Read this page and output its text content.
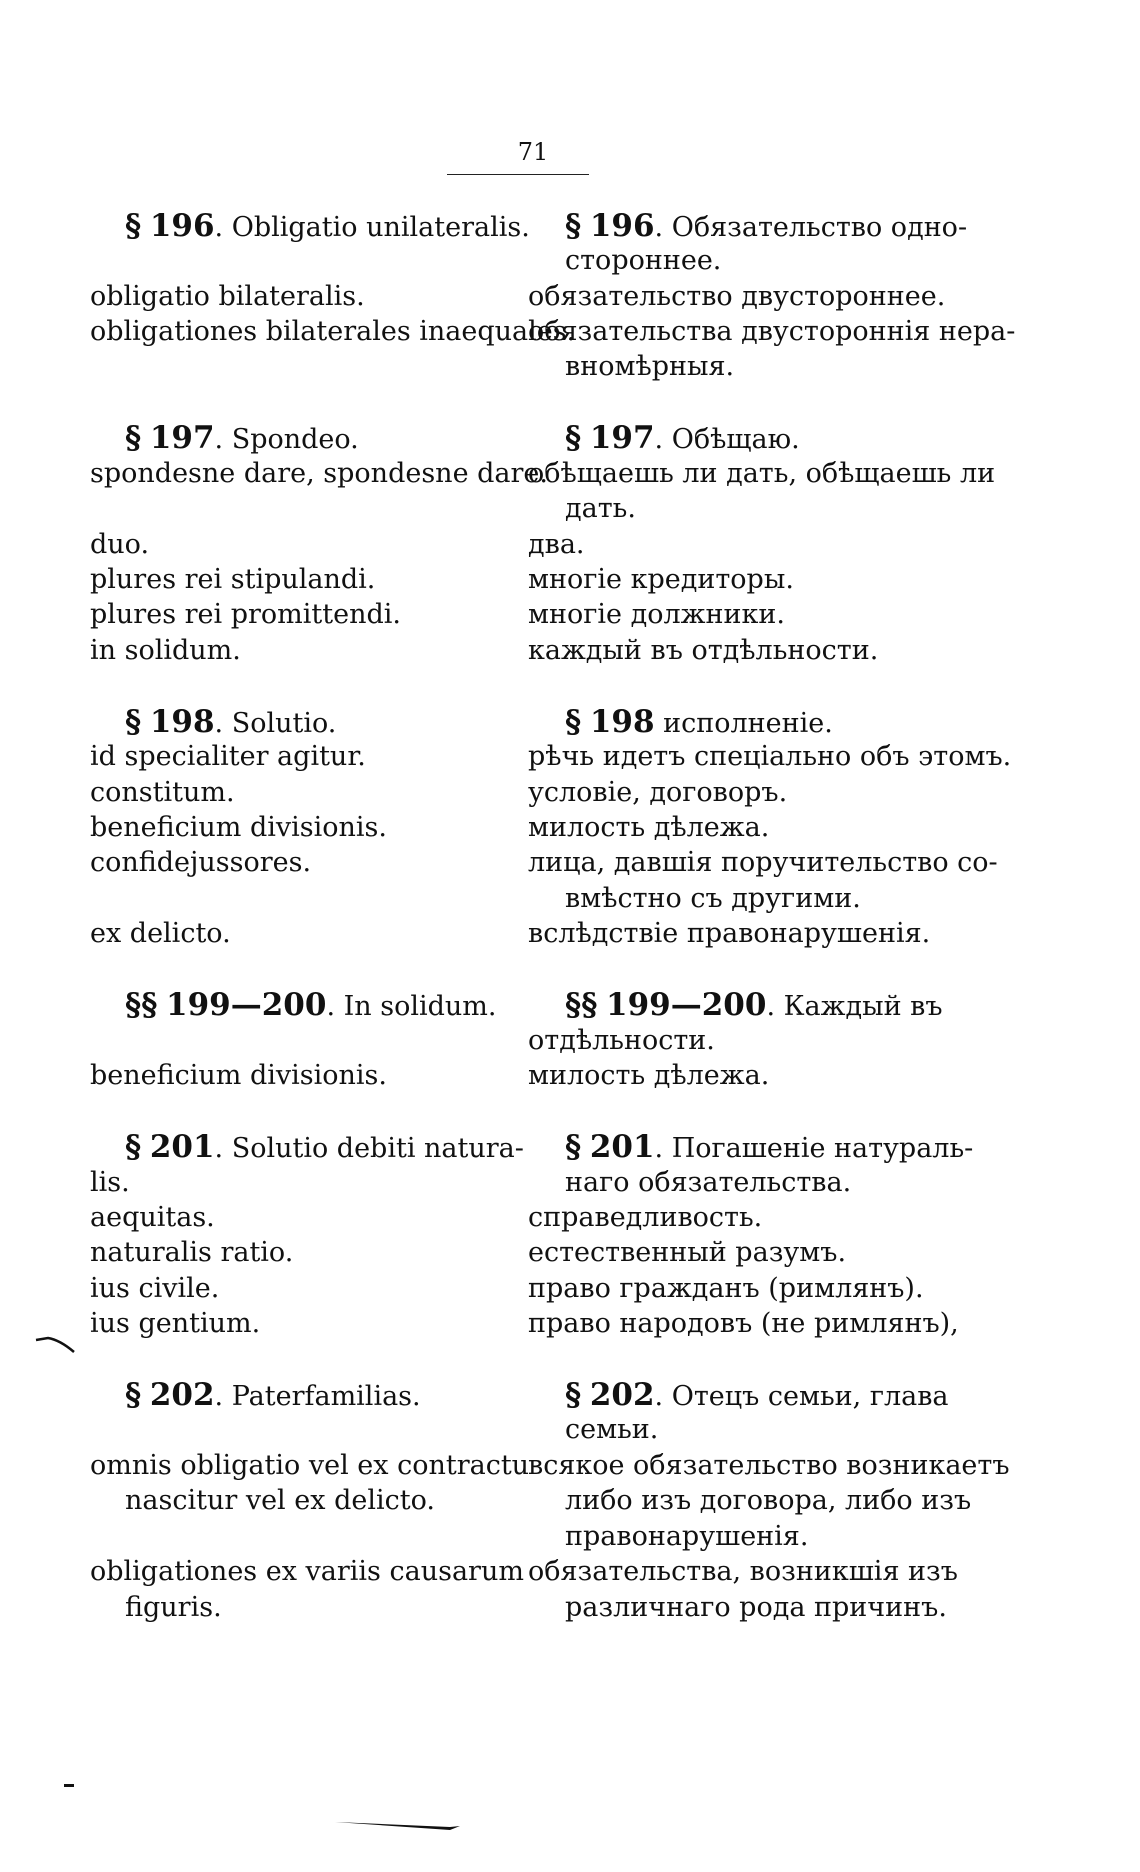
71
§ 196. Obligatio unilateralis.
obligatio bilateralis.
obligationes bilaterales inaequales.
§ 197. Spondeo.
spondesne dare, spondesne dare.
duo.
plures rei stipulandi.
plures rei promittendi.
in solidum.
§ 198. Solutio.
id specialiter agitur.
constitum.
beneficium divisionis.
confidejussores.
ex delicto.
§§ 199—200. In solidum.
beneficium divisionis.
§ 201. Solutio debiti natura-
lis.
aequitas.
naturalis ratio.
ius civile.
ius gentium.
§ 202. Paterfamilias.
omnis obligatio vel ex contractu
nascitur vel ex delicto.
obligationes ex variis causarum
figuris.
§ 196. Обязательство одно-
стороннее.
обязательство двустороннее.
обязательства двустороннія нера-
вномѣрныя.
§ 197. Обѣщаю.
обѣщаешь ли дать, обѣщаешь ли
дать.
два.
многіе кредиторы.
многіе должники.
каждый въ отдѣльности.
§ 198 исполненіе.
рѣчь идетъ спеціально объ этомъ.
условіе, договоръ.
милость дѣлежа.
лица, давшія поручительство со-
вмѣстно съ другими.
вслѣдствіе правонарушенія.
§§ 199—200. Каждый въ
отдѣльности.
милость дѣлежа.
§ 201. Погашеніе натураль-
наго обязательства.
справедливость.
естественный разумъ.
право гражданъ (римлянъ).
право народовъ (не римлянъ),
§ 202. Отецъ семьи, глава
семьи.
всякое обязательство возникаетъ
либо изъ договора, либо изъ
правонарушенія.
обязательства, возникшія изъ
различнаго рода причинъ.
